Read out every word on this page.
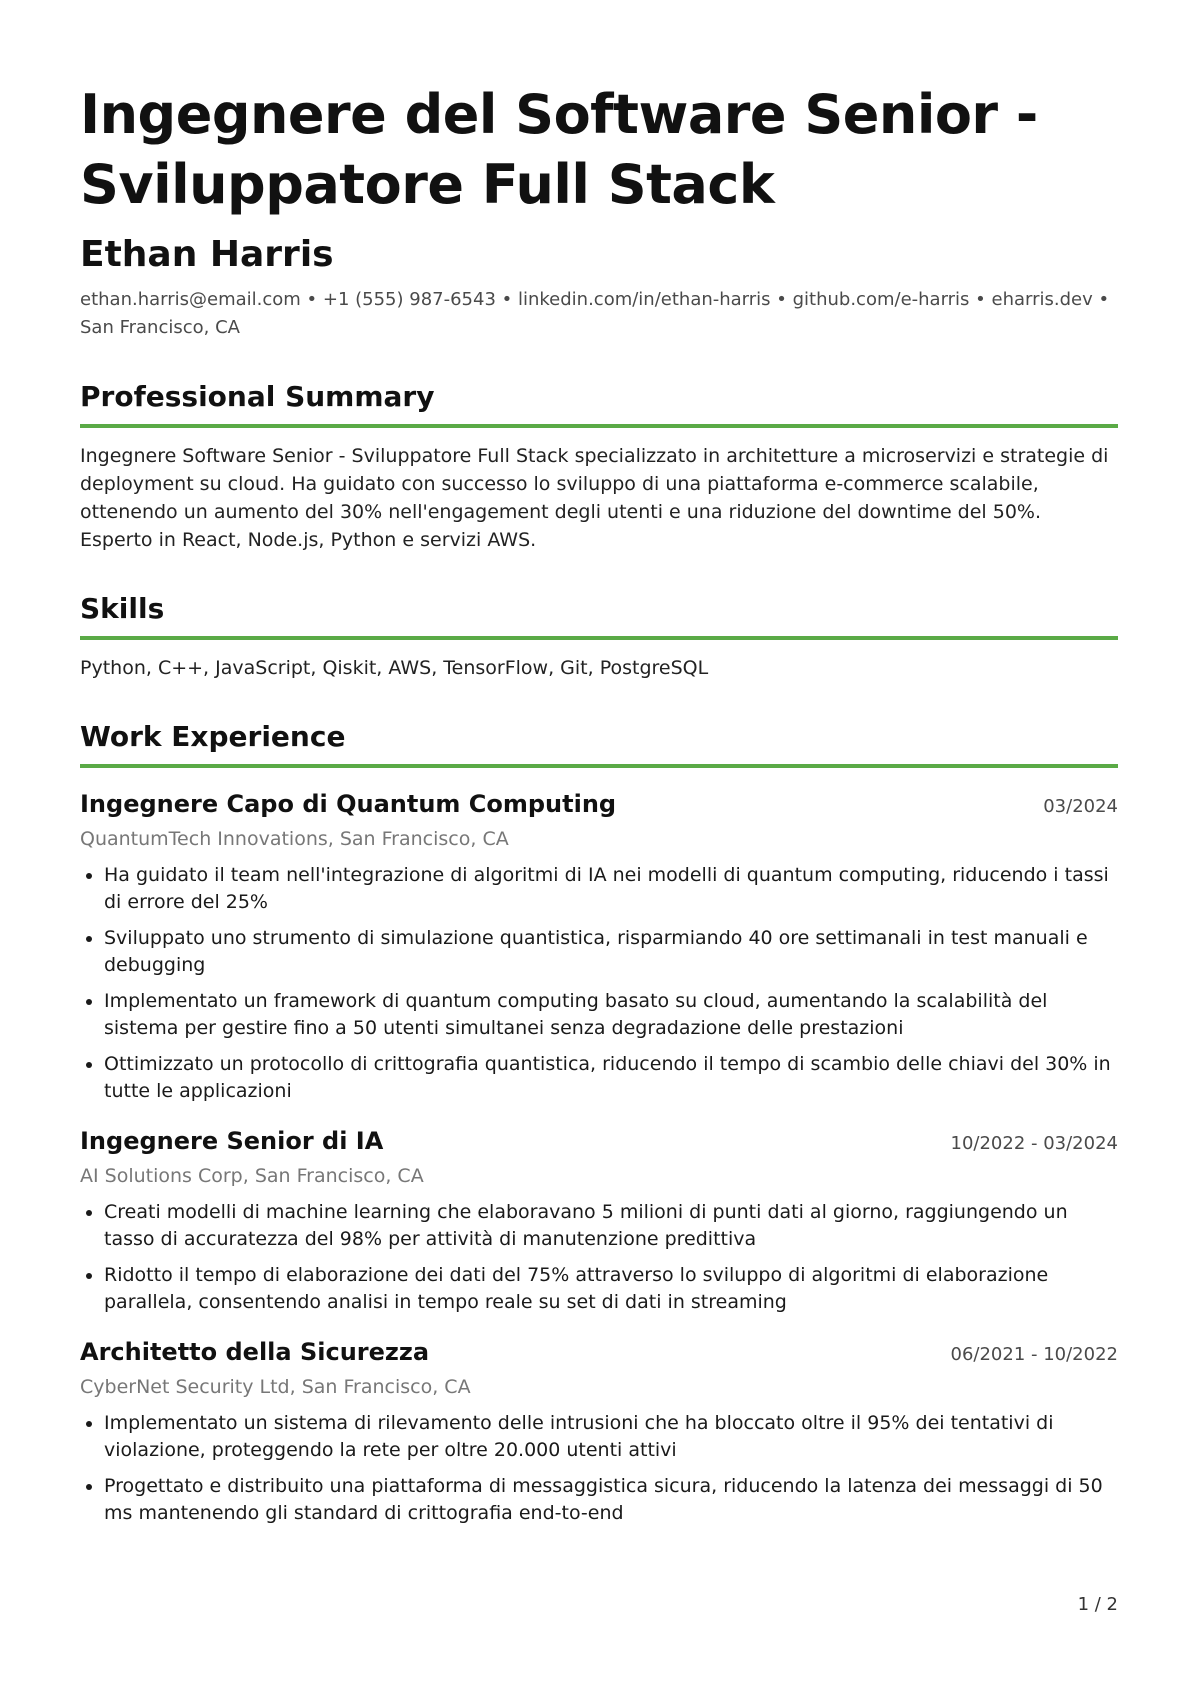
Ingegnere del Software Senior - Sviluppatore Full Stack
Ethan Harris
ethan.harris@email.com • +1 (555) 987-6543 • linkedin.com/in/ethan-harris • github.com/e-harris • eharris.dev • San Francisco, CA
Professional Summary

Ingegnere Software Senior - Sviluppatore Full Stack specializzato in architetture a microservizi e strategie di deployment su cloud. Ha guidato con successo lo sviluppo di una piattaforma e-commerce scalabile, ottenendo un aumento del 30% nell'engagement degli utenti e una riduzione del downtime del 50%. Esperto in React, Node.js, Python e servizi AWS.

Skills

Python, C++, JavaScript, Qiskit, AWS, TensorFlow, Git, PostgreSQL

Work Experience
Ingegnere Capo di Quantum Computing	03/2024
QuantumTech Innovations, San Francisco, CA
Ha guidato il team nell'integrazione di algoritmi di IA nei modelli di quantum computing, riducendo i tassi di errore del 25%
Sviluppato uno strumento di simulazione quantistica, risparmiando 40 ore settimanali in test manuali e debugging
Implementato un framework di quantum computing basato su cloud, aumentando la scalabilità del sistema per gestire fino a 50 utenti simultanei senza degradazione delle prestazioni
Ottimizzato un protocollo di crittografia quantistica, riducendo il tempo di scambio delle chiavi del 30% in tutte le applicazioni
Ingegnere Senior di IA	10/2022 - 03/2024
AI Solutions Corp, San Francisco, CA
Creati modelli di machine learning che elaboravano 5 milioni di punti dati al giorno, raggiungendo un tasso di accuratezza del 98% per attività di manutenzione predittiva
Ridotto il tempo di elaborazione dei dati del 75% attraverso lo sviluppo di algoritmi di elaborazione parallela, consentendo analisi in tempo reale su set di dati in streaming
Architetto della Sicurezza	06/2021 - 10/2022
CyberNet Security Ltd, San Francisco, CA
Implementato un sistema di rilevamento delle intrusioni che ha bloccato oltre il 95% dei tentativi di violazione, proteggendo la rete per oltre 20.000 utenti attivi
Progettato e distribuito una piattaforma di messaggistica sicura, riducendo la latenza dei messaggi di 50 ms mantenendo gli standard di crittografia end-to-end
1 / 2
